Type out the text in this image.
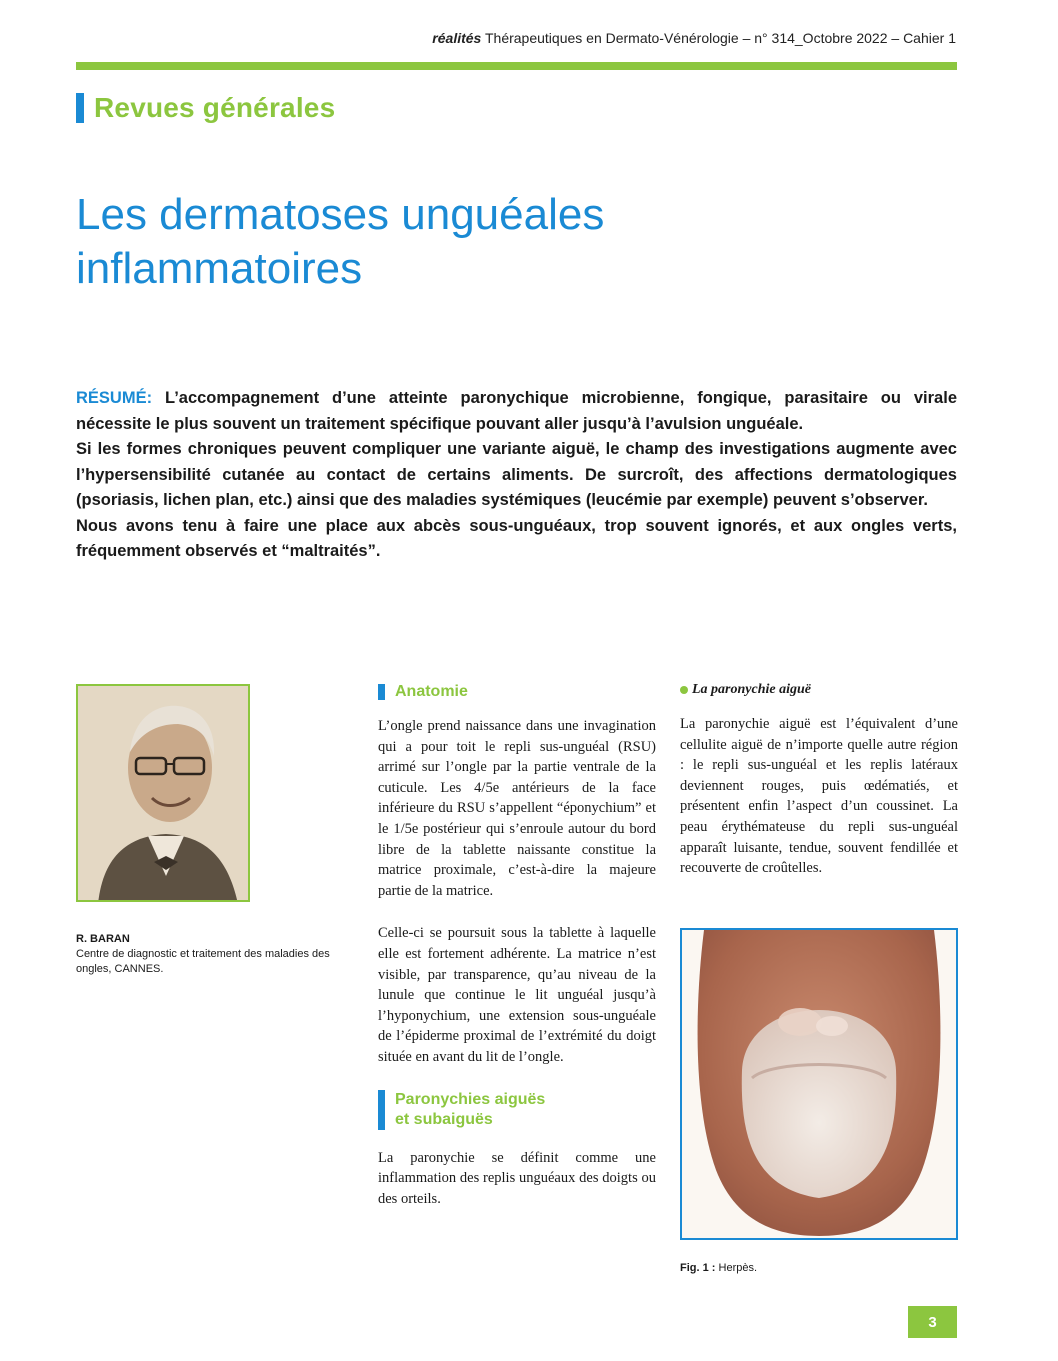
réalités Thérapeutiques en Dermato-Vénérologie – n° 314_Octobre 2022 – Cahier 1
Revues générales
Les dermatoses unguéales
inflammatoires

RÉSUMÉ: L’accompagnement d’une atteinte paronychique microbienne, fongique, parasitaire ou virale nécessite le plus souvent un traitement spécifique pouvant aller jusqu’à l’avulsion unguéale.

Si les formes chroniques peuvent compliquer une variante aiguë, le champ des investigations augmente avec l’hypersensibilité cutanée au contact de certains aliments. De surcroît, des affections dermatologiques (psoriasis, lichen plan, etc.) ainsi que des maladies systémiques (leucémie par exemple) peuvent s’observer.

Nous avons tenu à faire une place aux abcès sous-unguéaux, trop souvent ignorés, et aux ongles verts, fréquemment observés et “maltraités”.

R. BARAN
Centre de diagnostic et traitement des maladies des ongles, CANNES.
Anatomie

L’ongle prend naissance dans une invagination qui a pour toit le repli sus-unguéal (RSU) arrimé sur l’ongle par la partie ventrale de la cuticule. Les 4/5e antérieurs de la face inférieure du RSU s’appellent “éponychium” et le 1/5e postérieur qui s’enroule autour du bord libre de la tablette naissante constitue la matrice proximale, c’est-à-dire la majeure partie de la matrice.

Celle-ci se poursuit sous la tablette à laquelle elle est fortement adhérente. La matrice n’est visible, par transparence, qu’au niveau de la lunule que continue le lit unguéal jusqu’à l’hyponychium, une extension sous-unguéale de l’épiderme proximal de l’extrémité du doigt située en avant du lit de l’ongle.

Paronychies aiguës
et subaiguës

La paronychie se définit comme une inflammation des replis unguéaux des doigts ou des orteils.

La paronychie aiguë

La paronychie aiguë est l’équivalent d’une cellulite aiguë de n’importe quelle autre région : le repli sus-unguéal et les replis latéraux deviennent rouges, puis œdématiés, et présentent enfin l’aspect d’un coussinet. La peau érythémateuse du repli sus-unguéal apparaît luisante, tendue, souvent fendillée et recouverte de croûtelles.

Fig. 1 : Herpès.
3
